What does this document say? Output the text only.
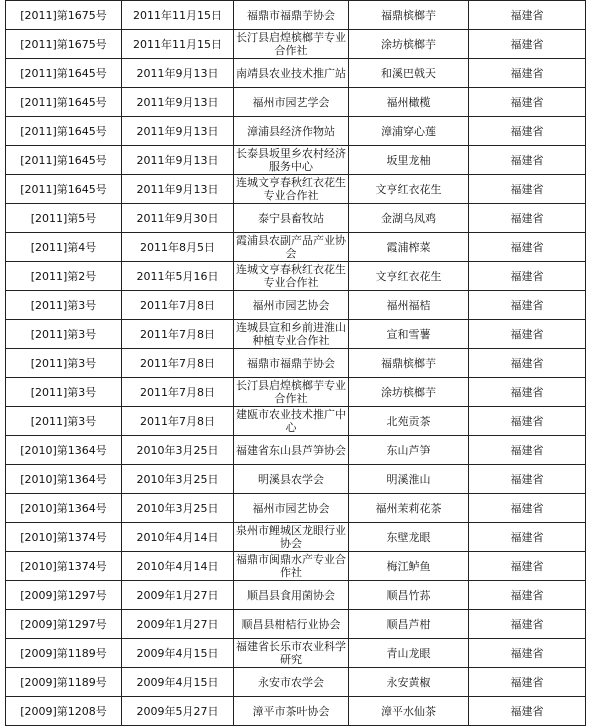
[2011]第1675号	2011年11月15日	福鼎市福鼎芋协会	福鼎槟榔芋	福建省
[2011]第1675号	2011年11月15日	长汀县启煌槟榔芋专业合作社	涂坊槟榔芋	福建省
[2011]第1645号	2011年9月13日	南靖县农业技术推广站	和溪巴戟天	福建省
[2011]第1645号	2011年9月13日	福州市园艺学会	福州橄榄	福建省
[2011]第1645号	2011年9月13日	漳浦县经济作物站	漳浦穿心莲	福建省
[2011]第1645号	2011年9月13日	长泰县坂里乡农村经济服务中心	坂里龙柚	福建省
[2011]第1645号	2011年9月13日	连城文亨春秋红衣花生专业合作社	文亨红衣花生	福建省
[2011]第5号	2011年9月30日	泰宁县畜牧站	金湖乌凤鸡	福建省
[2011]第4号	2011年8月5日	霞浦县农副产品产业协会	霞浦榨菜	福建省
[2011]第2号	2011年5月16日	连城文亨春秋红衣花生专业合作社	文亨红衣花生	福建省
[2011]第3号	2011年7月8日	福州市园艺协会	福州福桔	福建省
[2011]第3号	2011年7月8日	连城县宣和乡前进淮山种植专业合作社	宣和雪薯	福建省
[2011]第3号	2011年7月8日	福鼎市福鼎芋协会	福鼎槟榔芋	福建省
[2011]第3号	2011年7月8日	长汀县启煌槟榔芋专业合作社	涂坊槟榔芋	福建省
[2011]第3号	2011年7月8日	建瓯市农业技术推广中心	北苑贡茶	福建省
[2010]第1364号	2010年3月25日	福建省东山县芦笋协会	东山芦笋	福建省
[2010]第1364号	2010年3月25日	明溪县农学会	明溪淮山	福建省
[2010]第1364号	2010年3月25日	福州市园艺协会	福州茉莉花茶	福建省
[2010]第1374号	2010年4月14日	泉州市鲤城区龙眼行业协会	东壁龙眼	福建省
[2010]第1374号	2010年4月14日	福鼎市闽鼎水产专业合作社	梅江鲈鱼	福建省
[2009]第1297号	2009年1月27日	顺昌县食用菌协会	顺昌竹荪	福建省
[2009]第1297号	2009年1月27日	顺昌县柑桔行业协会	顺昌芦柑	福建省
[2009]第1189号	2009年4月15日	福建省长乐市农业科学研究	青山龙眼	福建省
[2009]第1189号	2009年4月15日	永安市农学会	永安黄椒	福建省
[2009]第1208号	2009年5月27日	漳平市茶叶协会	漳平水仙茶	福建省
